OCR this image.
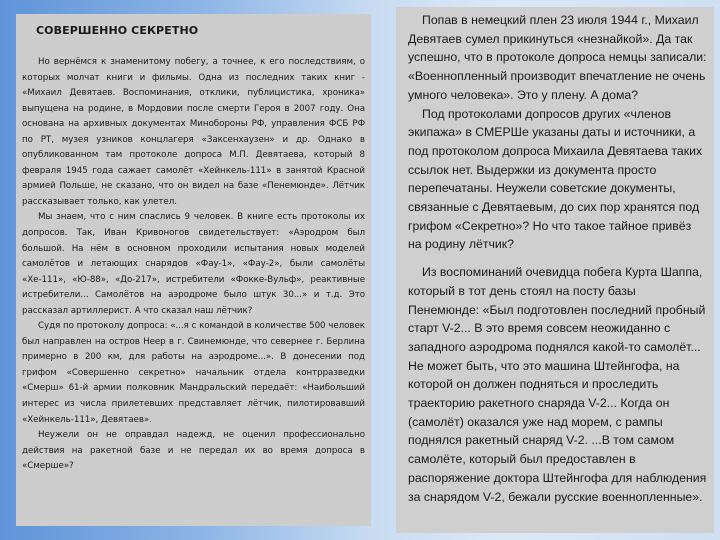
СОВЕРШЕННО СЕКРЕТНО

Но вернёмся к знаменитому побегу, а точнее, к его последствиям, о которых молчат книги и фильмы. Одна из последних таких книг - «Михаил Девятаев. Воспоминания, отклики, публицистика, хроника» выпущена на родине, в Мордовии после смерти Героя в 2007 году. Она основана на архивных документах Минобороны РФ, управления ФСБ РФ по РТ, музея узников концлагеря «Заксенхаузен» и др. Однако в опубликованном там протоколе допроса М.П. Девятаева, который 8 февраля 1945 года сажает самолёт «Хейнкель-111» в занятой Красной армией Польше, не сказано, что он видел на базе «Пенемюнде». Лётчик рассказывает только, как улетел.

Мы знаем, что с ним спаслись 9 человек. В книге есть протоколы их допросов. Так, Иван Кривоногов свидетельствует: «Аэродром был большой. На нём в основном проходили испытания новых моделей самолётов и летающих снарядов «Фау-1», «Фау-2», были самолёты «Хе-111», «Ю-88», «До-217», истребители «Фокке-Вульф», реактивные истребители... Самолётов на аэродроме было штук 30...» и т.д. Это рассказал артиллерист. А что сказал наш лётчик?

Судя по протоколу допроса: «...я с командой в количестве 500 человек был направлен на остров Неер в г. Свинемюнде, что севернее г. Берлина примерно в 200 км, для работы на аэродроме...». В донесении под грифом «Совершенно секретно» начальник отдела контрразведки «Смерш» 61-й армии полковник Мандральский передаёт: «Наибольший интерес из числа прилетевших представляет лётчик, пилотировавший «Хейнкель-111», Девятаев».

Неужели он не оправдал надежд, не оценил профессионально действия на ракетной базе и не передал их во время допроса в «Смерше»?

Попав в немецкий плен 23 июля 1944 г., Михаил Девятаев сумел прикинуться «незнайкой». Да так успешно, что в протоколе допроса немцы записали: «Военнопленный производит впечатление не очень умного человека». Это у плену. А дома?

Под протоколами допросов других «членов экипажа» в СМЕРШе указаны даты и источники, а под протоколом допроса Михаила Девятаева таких ссылок нет. Выдержки из документа просто перепечатаны. Неужели советские документы, связанные с Девятаевым, до сих пор хранятся под грифом «Секретно»? Но что такое тайное привёз на родину лётчик?

Из воспоминаний очевидца побега Курта Шаппа, который в тот день стоял на посту базы Пенемюнде: «Был подготовлен последний пробный старт V-2... В это время совсем неожиданно с западного аэродрома поднялся какой-то самолёт... Не может быть, что это машина Штейнгофа, на которой он должен подняться и проследить траекторию ракетного снаряда V-2... Когда он (самолёт) оказался уже над морем, с рампы поднялся ракетный снаряд V-2. ...В том самом самолёте, который был предоставлен в распоряжение доктора Штейнгофа для наблюдения за снарядом V-2, бежали русские военнопленные».
